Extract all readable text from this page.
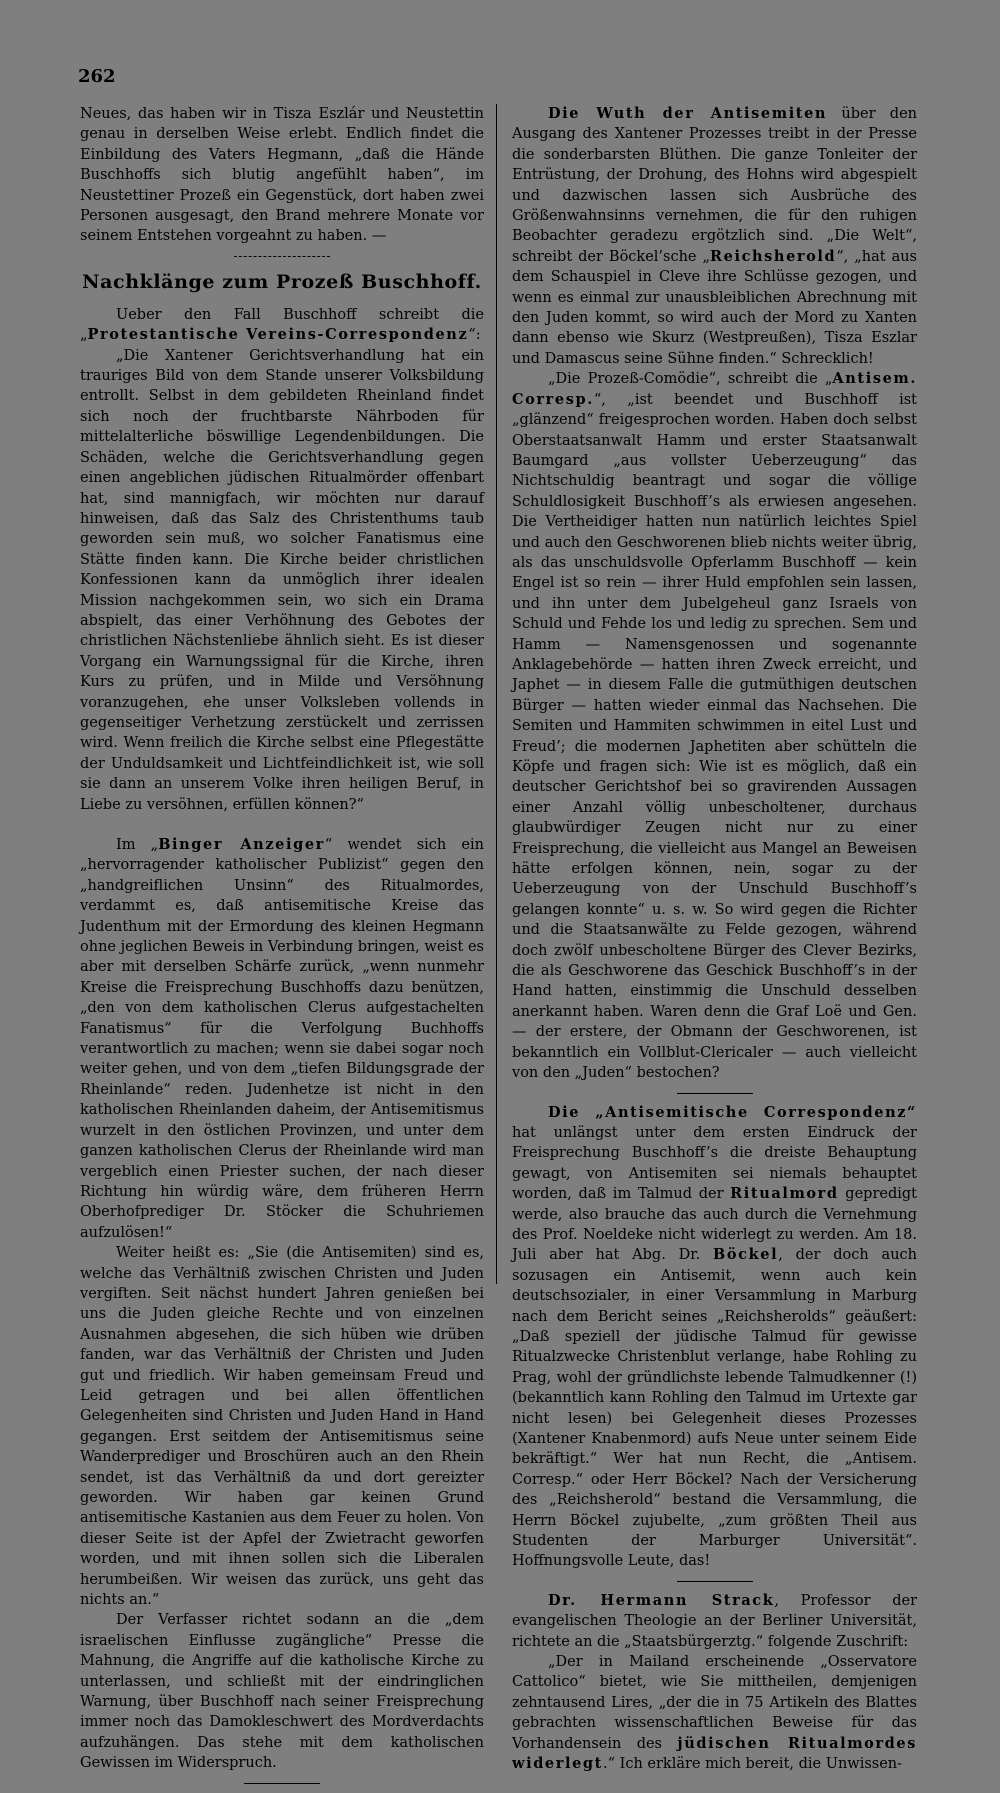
262

Neues, das haben wir in Tisza Eszlár und Neustettin genau in derselben Weise erlebt. Endlich findet die Einbildung des Vaters Hegmann, „daß die Hände Buschhoffs sich blutig angefühlt haben“, im Neustettiner Prozeß ein Gegenstück, dort haben zwei Personen ausgesagt, den Brand mehrere Monate vor seinem Entstehen vorgeahnt zu haben. —

Nachklänge zum Prozeß Buschhoff.

Ueber den Fall Buschhoff schreibt die „Protestantische Vereins-Correspondenz“:

„Die Xantener Gerichtsverhandlung hat ein trauriges Bild von dem Stande unserer Volksbildung entrollt. Selbst in dem gebildeten Rheinland findet sich noch der fruchtbarste Nährboden für mittelalterliche böswillige Legendenbildungen. Die Schäden, welche die Gerichtsverhandlung gegen einen angeblichen jüdischen Ritualmörder offenbart hat, sind mannigfach, wir möchten nur darauf hinweisen, daß das Salz des Christenthums taub geworden sein muß, wo solcher Fanatismus eine Stätte finden kann. Die Kirche beider christlichen Konfessionen kann da unmöglich ihrer idealen Mission nachgekommen sein, wo sich ein Drama abspielt, das einer Verhöhnung des Gebotes der christlichen Nächstenliebe ähnlich sieht. Es ist dieser Vorgang ein Warnungssignal für die Kirche, ihren Kurs zu prüfen, und in Milde und Versöhnung voranzugehen, ehe unser Volksleben vollends in gegenseitiger Verhetzung zerstückelt und zerrissen wird. Wenn freilich die Kirche selbst eine Pflegestätte der Unduldsamkeit und Lichtfeindlichkeit ist, wie soll sie dann an unserem Volke ihren heiligen Beruf, in Liebe zu versöhnen, erfüllen können?“

Im „Binger Anzeiger“ wendet sich ein „hervorragender katholischer Publizist“ gegen den „handgreiflichen Unsinn“ des Ritualmordes, verdammt es, daß antisemitische Kreise das Judenthum mit der Ermordung des kleinen Hegmann ohne jeglichen Beweis in Verbindung bringen, weist es aber mit derselben Schärfe zurück, „wenn nunmehr Kreise die Freisprechung Buschhoffs dazu benützen, „den von dem katholischen Clerus aufgestachelten Fanatismus“ für die Verfolgung Buchhoffs verantwortlich zu machen; wenn sie dabei sogar noch weiter gehen, und von dem „tiefen Bildungsgrade der Rheinlande“ reden. Judenhetze ist nicht in den katholischen Rheinlanden daheim, der Antisemitismus wurzelt in den östlichen Provinzen, und unter dem ganzen katholischen Clerus der Rheinlande wird man vergeblich einen Priester suchen, der nach dieser Richtung hin würdig wäre, dem früheren Herrn Oberhofprediger Dr. Stöcker die Schuhriemen aufzulösen!“

Weiter heißt es: „Sie (die Antisemiten) sind es, welche das Verhältniß zwischen Christen und Juden vergiften. Seit nächst hundert Jahren genießen bei uns die Juden gleiche Rechte und von einzelnen Ausnahmen abgesehen, die sich hüben wie drüben fanden, war das Verhältniß der Christen und Juden gut und friedlich. Wir haben gemeinsam Freud und Leid getragen und bei allen öffentlichen Gelegenheiten sind Christen und Juden Hand in Hand gegangen. Erst seitdem der Antisemitismus seine Wanderprediger und Broschüren auch an den Rhein sendet, ist das Verhältniß da und dort gereizter geworden. Wir haben gar keinen Grund antisemitische Kastanien aus dem Feuer zu holen. Von dieser Seite ist der Apfel der Zwietracht geworfen worden, und mit ihnen sollen sich die Liberalen herumbeißen. Wir weisen das zurück, uns geht das nichts an.“

Der Verfasser richtet sodann an die „dem israelischen Einflusse zugängliche“ Presse die Mahnung, die Angriffe auf die katholische Kirche zu unterlassen, und schließt mit der eindringlichen Warnung, über Buschhoff nach seiner Freisprechung immer noch das Damokleschwert des Mordverdachts aufzuhängen. Das stehe mit dem katholischen Gewissen im Widerspruch.

Die Wuth der Antisemiten über den Ausgang des Xantener Prozesses treibt in der Presse die sonderbarsten Blüthen. Die ganze Tonleiter der Entrüstung, der Drohung, des Hohns wird abgespielt und dazwischen lassen sich Ausbrüche des Größenwahnsinns vernehmen, die für den ruhigen Beobachter geradezu ergötzlich sind. „Die Welt“, schreibt der Böckel’sche „Reichsherold“, „hat aus dem Schauspiel in Cleve ihre Schlüsse gezogen, und wenn es einmal zur unausbleiblichen Abrechnung mit den Juden kommt, so wird auch der Mord zu Xanten dann ebenso wie Skurz (Westpreußen), Tisza Eszlar und Damascus seine Sühne finden.“ Schrecklich!

„Die Prozeß-Comödie“, schreibt die „Antisem. Corresp.“, „ist beendet und Buschhoff ist „glänzend“ freigesprochen worden. Haben doch selbst Oberstaatsanwalt Hamm und erster Staatsanwalt Baumgard „aus vollster Ueberzeugung“ das Nichtschuldig beantragt und sogar die völlige Schuldlosigkeit Buschhoff’s als erwiesen angesehen. Die Vertheidiger hatten nun natürlich leichtes Spiel und auch den Geschworenen blieb nichts weiter übrig, als das unschuldsvolle Opferlamm Buschhoff — kein Engel ist so rein — ihrer Huld empfohlen sein lassen, und ihn unter dem Jubelgeheul ganz Israels von Schuld und Fehde los und ledig zu sprechen. Sem und Hamm — Namensgenossen und sogenannte Anklagebehörde — hatten ihren Zweck erreicht, und Japhet — in diesem Falle die gutmüthigen deutschen Bürger — hatten wieder einmal das Nachsehen. Die Semiten und Hammiten schwimmen in eitel Lust und Freud’; die modernen Japhetiten aber schütteln die Köpfe und fragen sich: Wie ist es möglich, daß ein deutscher Gerichtshof bei so gravirenden Aussagen einer Anzahl völlig unbescholtener, durchaus glaubwürdiger Zeugen nicht nur zu einer Freisprechung, die vielleicht aus Mangel an Beweisen hätte erfolgen können, nein, sogar zu der Ueberzeugung von der Unschuld Buschhoff’s gelangen konnte“ u. s. w. So wird gegen die Richter und die Staatsanwälte zu Felde gezogen, während doch zwölf unbescholtene Bürger des Clever Bezirks, die als Geschworene das Geschick Buschhoff’s in der Hand hatten, einstimmig die Unschuld desselben anerkannt haben. Waren denn die Graf Loë und Gen. — der erstere, der Obmann der Geschworenen, ist bekanntlich ein Vollblut-Clericaler — auch vielleicht von den „Juden“ bestochen?

Die „Antisemitische Correspondenz“ hat unlängst unter dem ersten Eindruck der Freisprechung Buschhoff’s die dreiste Behauptung gewagt, von Antisemiten sei niemals behauptet worden, daß im Talmud der Ritualmord gepredigt werde, also brauche das auch durch die Vernehmung des Prof. Noeldeke nicht widerlegt zu werden. Am 18. Juli aber hat Abg. Dr. Böckel, der doch auch sozusagen ein Antisemit, wenn auch kein deutschsozialer, in einer Versammlung in Marburg nach dem Bericht seines „Reichsherolds“ geäußert: „Daß speziell der jüdische Talmud für gewisse Ritualzwecke Christenblut verlange, habe Rohling zu Prag, wohl der gründlichste lebende Talmudkenner (!) (bekanntlich kann Rohling den Talmud im Urtexte gar nicht lesen) bei Gelegenheit dieses Prozesses (Xantener Knabenmord) aufs Neue unter seinem Eide bekräftigt.“ Wer hat nun Recht, die „Antisem. Corresp.“ oder Herr Böckel? Nach der Versicherung des „Reichsherold“ bestand die Versammlung, die Herrn Böckel zujubelte, „zum größten Theil aus Studenten der Marburger Universität“. Hoffnungsvolle Leute, das!

Dr. Hermann Strack, Professor der evangelischen Theologie an der Berliner Universität, richtete an die „Staatsbürgerztg.“ folgende Zuschrift:

„Der in Mailand erscheinende „Osservatore Cattolico“ bietet, wie Sie mittheilen, demjenigen zehntausend Lires, „der die in 75 Artikeln des Blattes gebrachten wissenschaftlichen Beweise für das Vorhandensein des jüdischen Ritualmordes widerlegt.“ Ich erkläre mich bereit, die Unwissen-
